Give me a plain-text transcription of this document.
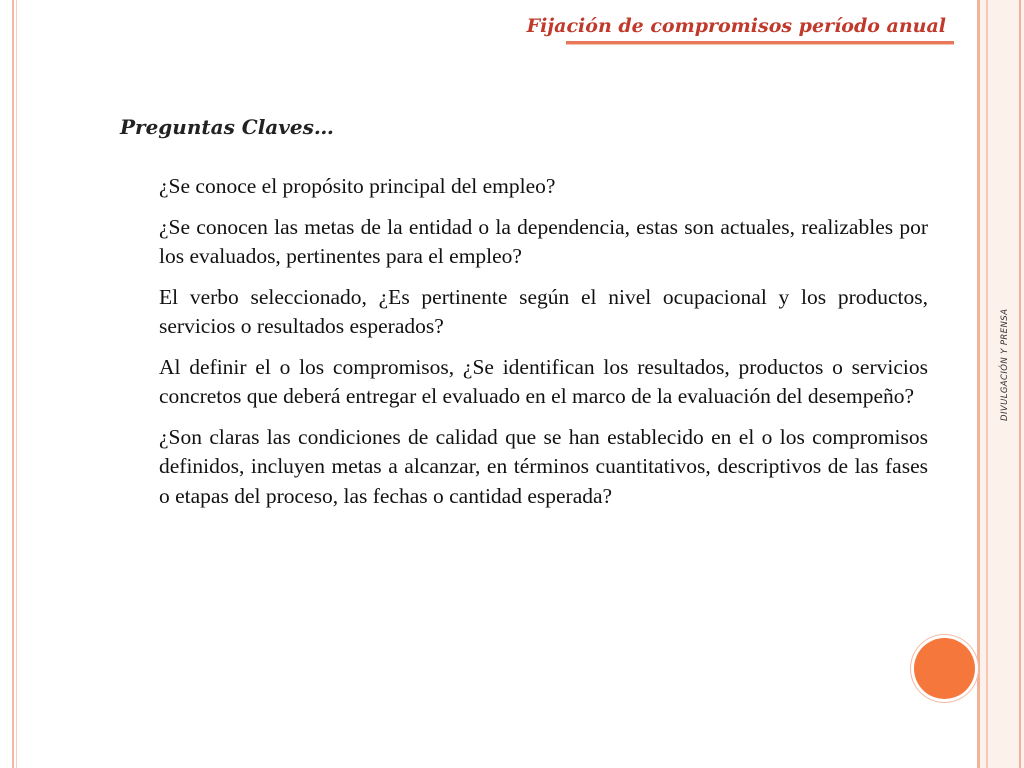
DIVULGACIÓN Y PRENSA
Fijación de compromisos período anual
Preguntas Claves…

¿Se conoce el propósito principal del empleo?

¿Se conocen las metas de la entidad o la dependencia, estas son actuales, realizables por los evaluados, pertinentes para el empleo?

El verbo seleccionado, ¿Es pertinente según el nivel ocupacional y los productos, servicios o resultados esperados?

Al definir el o los compromisos, ¿Se identifican los resultados, productos o servicios concretos que deberá entregar el evaluado en el marco de la evaluación del desempeño?

¿Son claras las condiciones de calidad que se han establecido en el o los compromisos definidos, incluyen metas a alcanzar, en términos cuantitativos, descriptivos de las fases o etapas del proceso, las fechas o cantidad esperada?
